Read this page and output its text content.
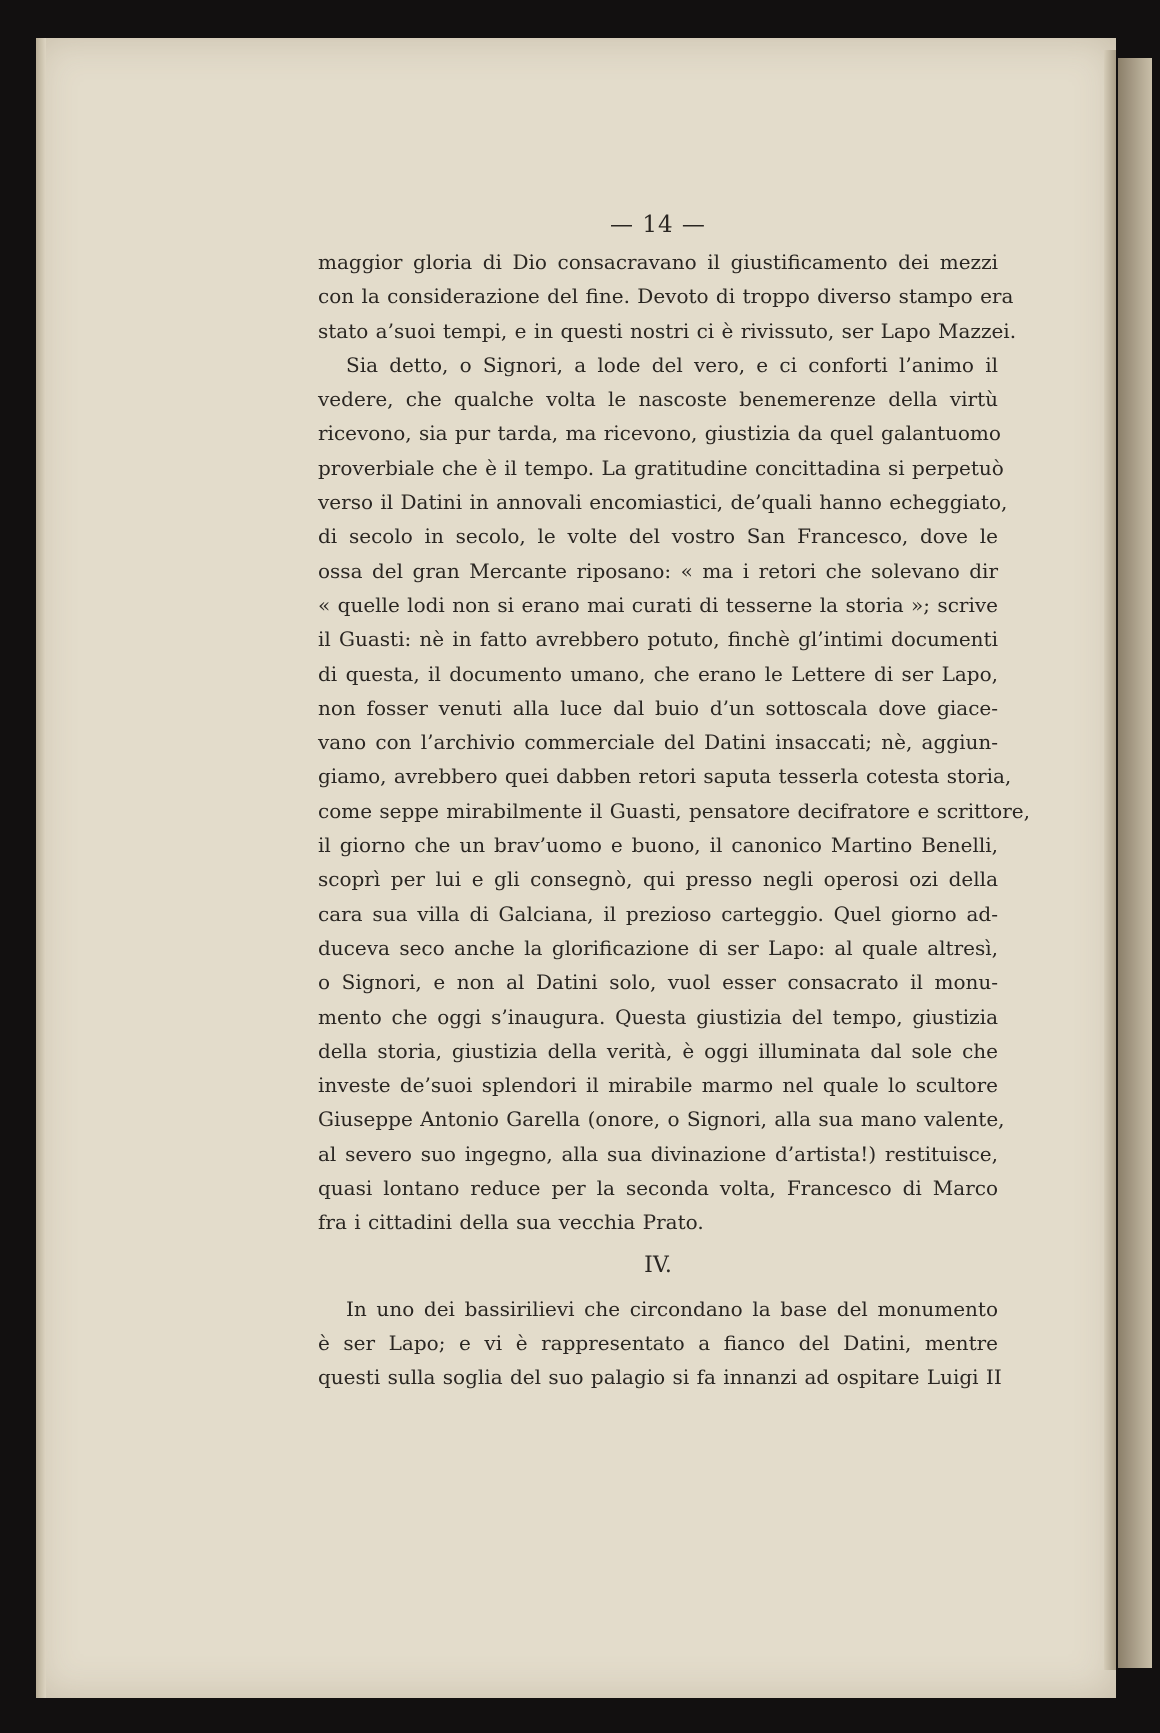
— 14 —
maggior gloria di Dio consacravano il giustificamento dei mezzi
con la considerazione del fine. Devoto di troppo diverso stampo era
stato a’suoi tempi, e in questi nostri ci è rivissuto, ser Lapo Mazzei.
Sia detto, o Signori, a lode del vero, e ci conforti l’animo il
vedere, che qualche volta le nascoste benemerenze della virtù
ricevono, sia pur tarda, ma ricevono, giustizia da quel galantuomo
proverbiale che è il tempo. La gratitudine concittadina si perpetuò
verso il Datini in annovali encomiastici, de’quali hanno echeggiato,
di secolo in secolo, le volte del vostro San Francesco, dove le
ossa del gran Mercante riposano: « ma i retori che solevano dir
« quelle lodi non si erano mai curati di tesserne la storia »; scrive
il Guasti: nè in fatto avrebbero potuto, finchè gl’intimi documenti
di questa, il documento umano, che erano le Lettere di ser Lapo,
non fosser venuti alla luce dal buio d’un sottoscala dove giace-
vano con l’archivio commerciale del Datini insaccati; nè, aggiun-
giamo, avrebbero quei dabben retori saputa tesserla cotesta storia,
come seppe mirabilmente il Guasti, pensatore decifratore e scrittore,
il giorno che un brav’uomo e buono, il canonico Martino Benelli,
scoprì per lui e gli consegnò, qui presso negli operosi ozi della
cara sua villa di Galciana, il prezioso carteggio. Quel giorno ad-
duceva seco anche la glorificazione di ser Lapo: al quale altresì,
o Signori, e non al Datini solo, vuol esser consacrato il monu-
mento che oggi s’inaugura. Questa giustizia del tempo, giustizia
della storia, giustizia della verità, è oggi illuminata dal sole che
investe de’suoi splendori il mirabile marmo nel quale lo scultore
Giuseppe Antonio Garella (onore, o Signori, alla sua mano valente,
al severo suo ingegno, alla sua divinazione d’artista!) restituisce,
quasi lontano reduce per la seconda volta, Francesco di Marco
fra i cittadini della sua vecchia Prato.
IV.
In uno dei bassirilievi che circondano la base del monumento
è ser Lapo; e vi è rappresentato a fianco del Datini, mentre
questi sulla soglia del suo palagio si fa innanzi ad ospitare Luigi II
